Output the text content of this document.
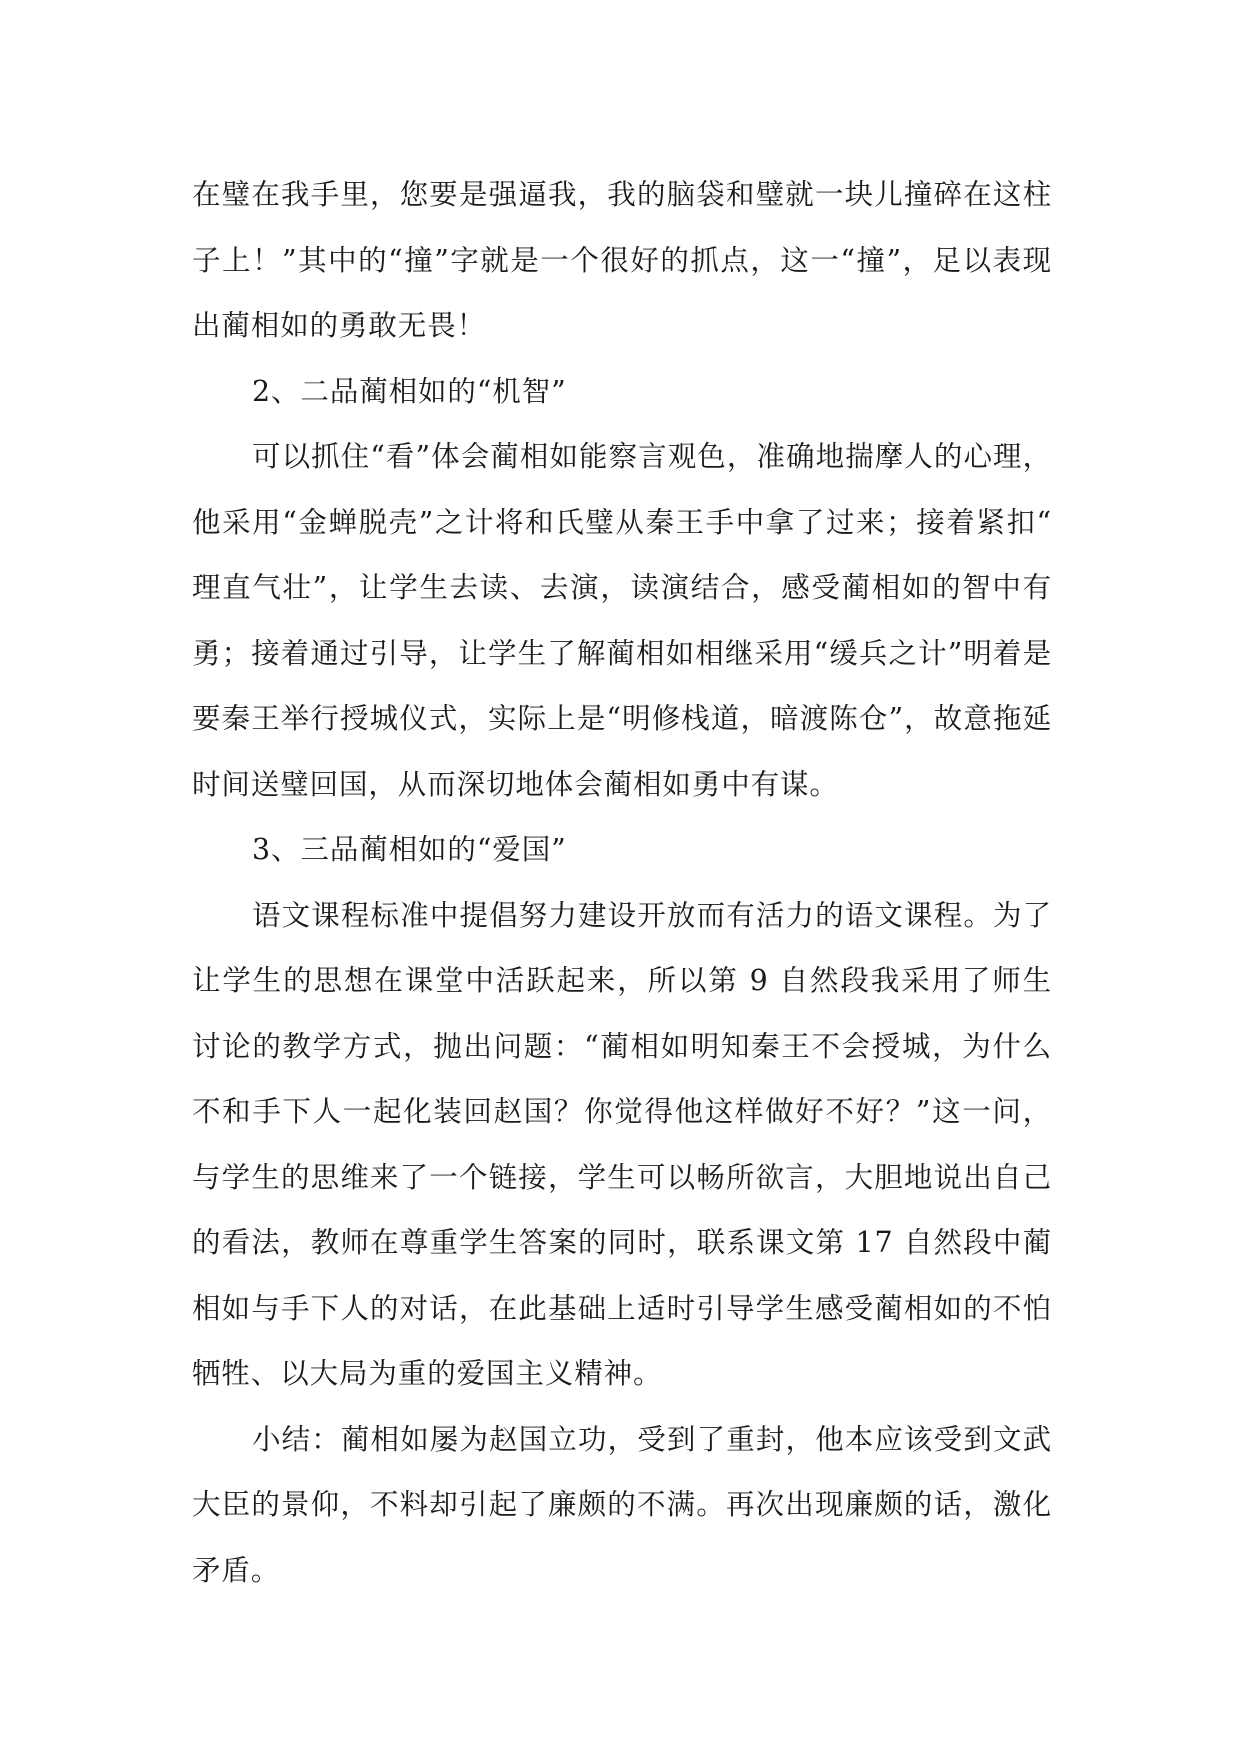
在璧在我手里，您要是强逼我，我的脑袋和璧就一块儿撞碎在这柱子上！”其中的“撞”字就是一个很好的抓点，这一“撞”，足以表现出蔺相如的勇敢无畏！

2、二品蔺相如的“机智”

可以抓住“看”体会蔺相如能察言观色，准确地揣摩人的心理，他采用“金蝉脱壳”之计将和氏璧从秦王手中拿了过来；接着紧扣“理直气壮”，让学生去读、去演，读演结合，感受蔺相如的智中有勇；接着通过引导，让学生了解蔺相如相继采用“缓兵之计”明着是要秦王举行授城仪式，实际上是“明修栈道，暗渡陈仓”，故意拖延时间送璧回国，从而深切地体会蔺相如勇中有谋。

3、三品蔺相如的“爱国”

语文课程标准中提倡努力建设开放而有活力的语文课程。为了让学生的思想在课堂中活跃起来，所以第 9 自然段我采用了师生讨论的教学方式，抛出问题：“蔺相如明知秦王不会授城，为什么不和手下人一起化装回赵国？你觉得他这样做好不好？”这一问，与学生的思维来了一个链接，学生可以畅所欲言，大胆地说出自己的看法，教师在尊重学生答案的同时，联系课文第 17 自然段中蔺相如与手下人的对话，在此基础上适时引导学生感受蔺相如的不怕牺牲、以大局为重的爱国主义精神。

小结：蔺相如屡为赵国立功，受到了重封，他本应该受到文武大臣的景仰，不料却引起了廉颇的不满。再次出现廉颇的话，激化矛盾。
